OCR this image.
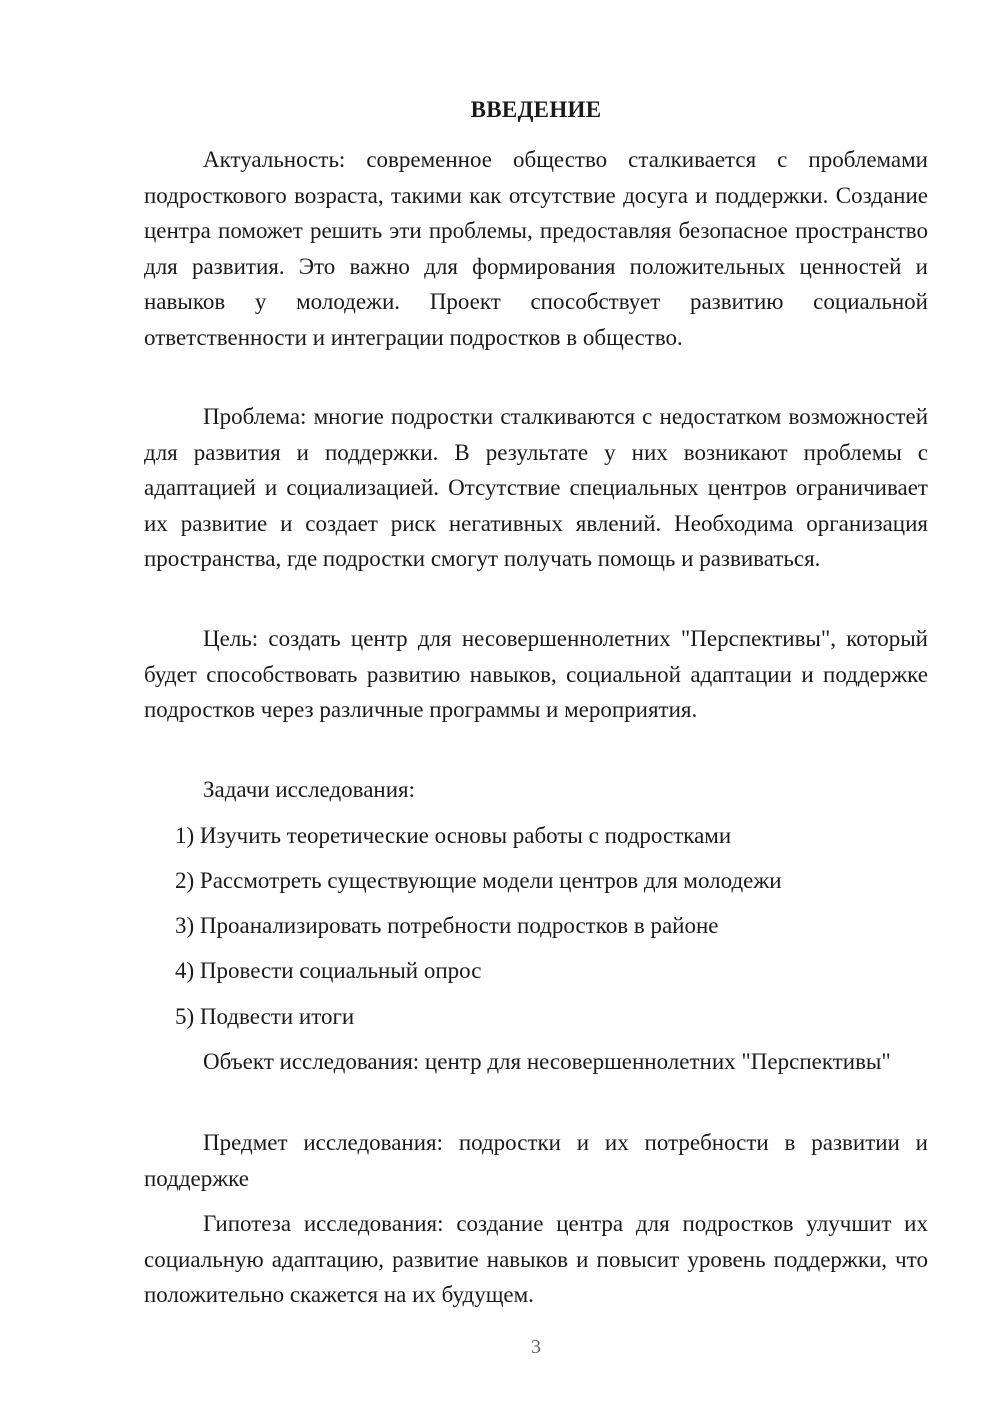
ВВЕДЕНИЕ

Актуальность: современное общество сталкивается с проблемами подросткового возраста, такими как отсутствие досуга и поддержки. Создание центра поможет решить эти проблемы, предоставляя безопасное пространство для развития. Это важно для формирования положительных ценностей и навыков у молодежи. Проект способствует развитию социальной ответственности и интеграции подростков в общество.

Проблема: многие подростки сталкиваются с недостатком возможностей для развития и поддержки. В результате у них возникают проблемы с адаптацией и социализацией. Отсутствие специальных центров ограничивает их развитие и создает риск негативных явлений. Необходима организация пространства, где подростки смогут получать помощь и развиваться.

Цель: создать центр для несовершеннолетних "Перспективы", который будет способствовать развитию навыков, социальной адаптации и поддержке подростков через различные программы и мероприятия.

Задачи исследования:

1) Изучить теоретические основы работы с подростками

2) Рассмотреть существующие модели центров для молодежи

3) Проанализировать потребности подростков в районе

4) Провести социальный опрос

5) Подвести итоги

Объект исследования: центр для несовершеннолетних "Перспективы"

Предмет исследования: подростки и их потребности в развитии и поддержке

Гипотеза исследования: создание центра для подростков улучшит их социальную адаптацию, развитие навыков и повысит уровень поддержки, что положительно скажется на их будущем.

3
